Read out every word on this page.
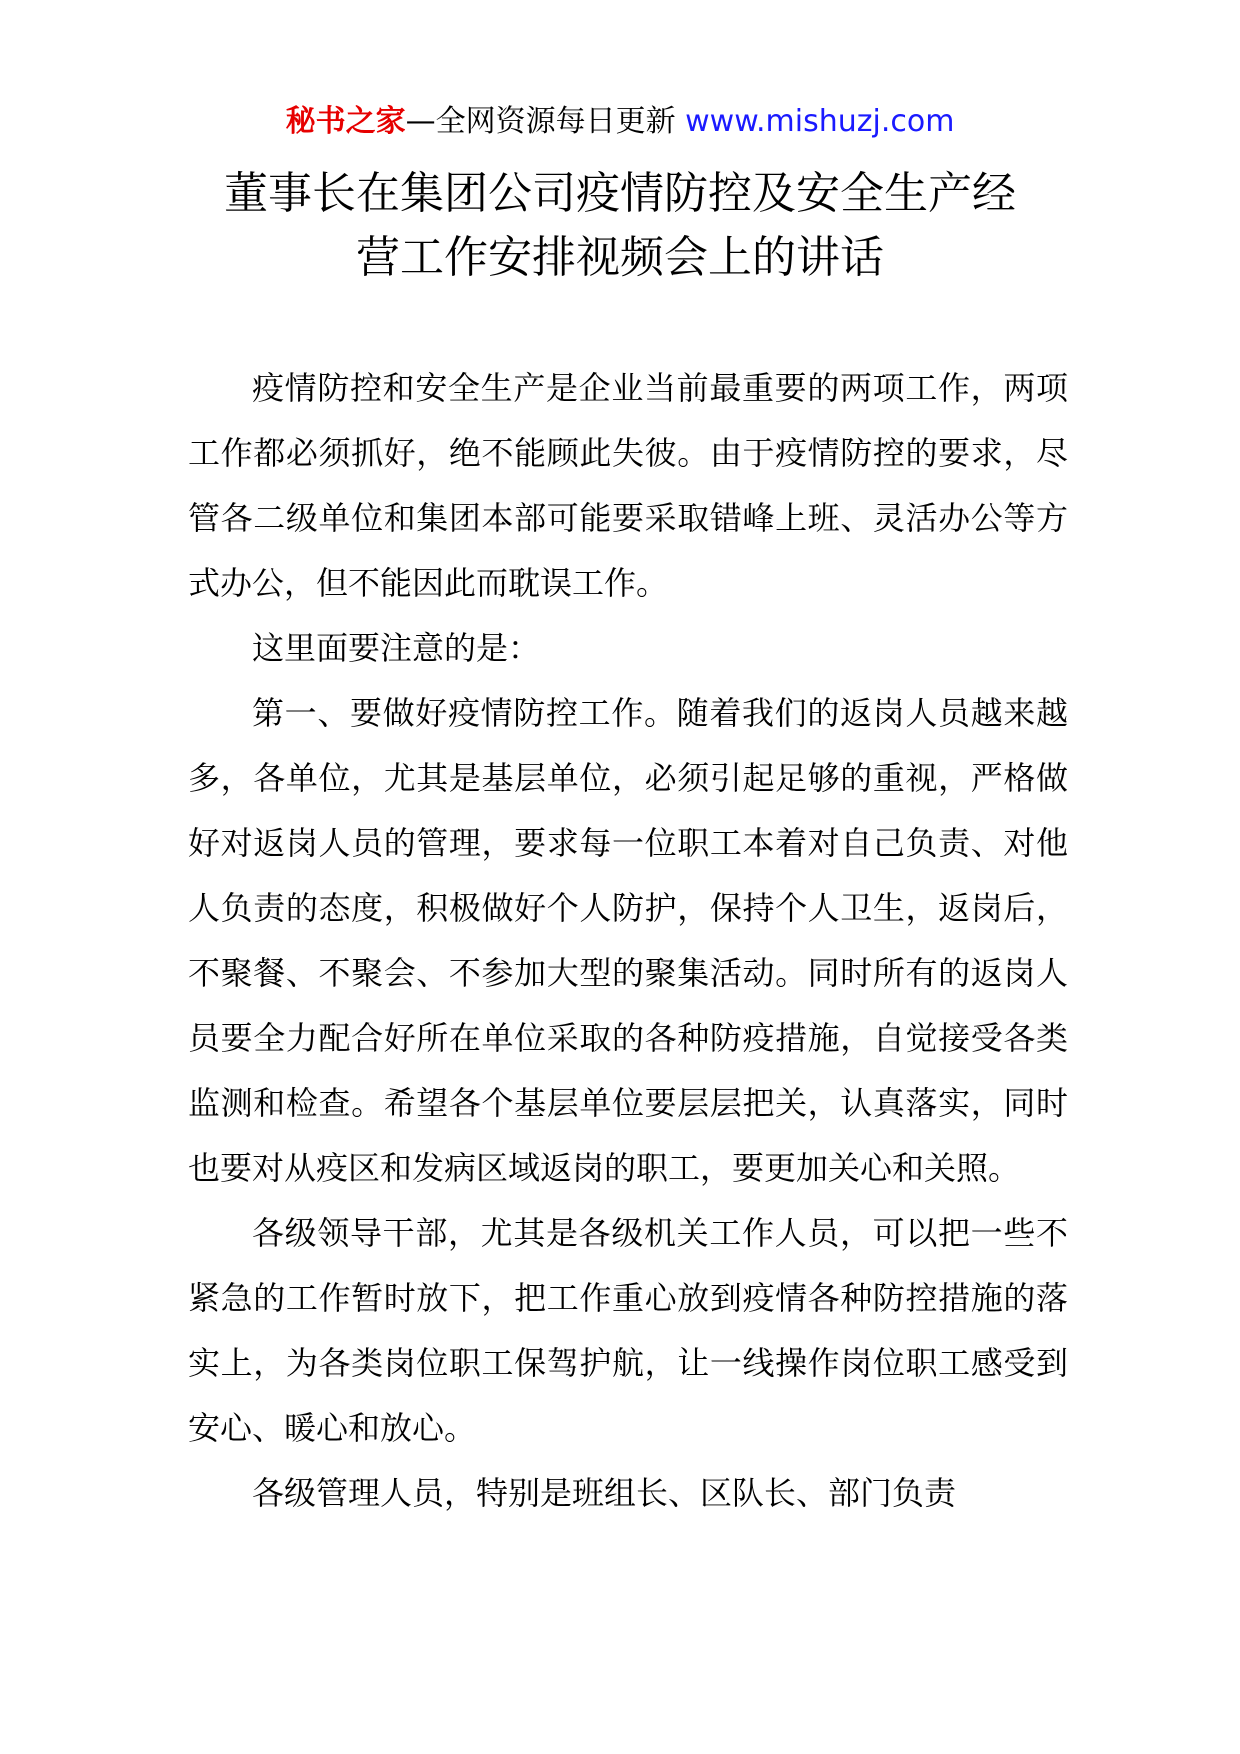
秘书之家—全网资源每日更新 www.mishuzj.com
董事长在集团公司疫情防控及安全生产经
营工作安排视频会上的讲话

疫情防控和安全生产是企业当前最重要的两项工作，两项工作都必须抓好，绝不能顾此失彼。由于疫情防控的要求，尽管各二级单位和集团本部可能要采取错峰上班、灵活办公等方式办公，但不能因此而耽误工作。

这里面要注意的是：

第一、要做好疫情防控工作。随着我们的返岗人员越来越多，各单位，尤其是基层单位，必须引起足够的重视，严格做好对返岗人员的管理，要求每一位职工本着对自己负责、对他人负责的态度，积极做好个人防护，保持个人卫生，返岗后，不聚餐、不聚会、不参加大型的聚集活动。同时所有的返岗人员要全力配合好所在单位采取的各种防疫措施，自觉接受各类监测和检查。希望各个基层单位要层层把关，认真落实，同时也要对从疫区和发病区域返岗的职工，要更加关心和关照。

各级领导干部，尤其是各级机关工作人员，可以把一些不紧急的工作暂时放下，把工作重心放到疫情各种防控措施的落实上，为各类岗位职工保驾护航，让一线操作岗位职工感受到安心、暖心和放心。

各级管理人员，特别是班组长、区队长、部门负责
